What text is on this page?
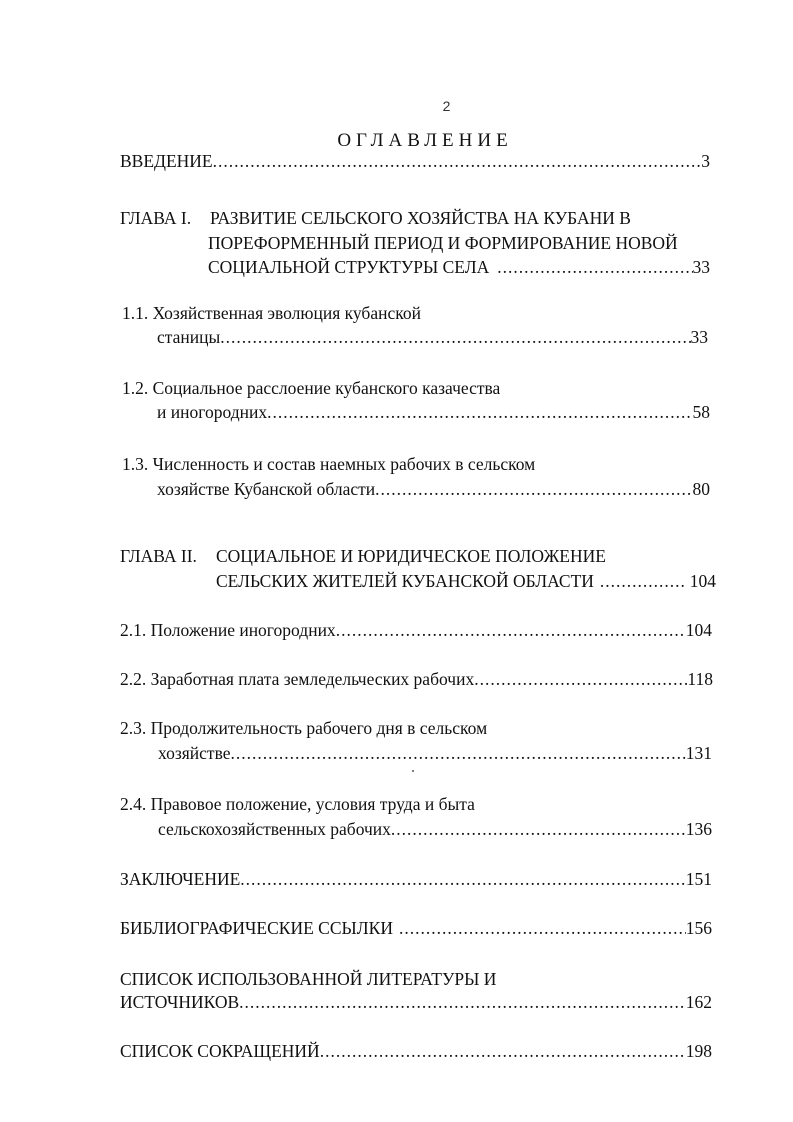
2
ОГЛАВЛЕНИЕ
ВВЕДЕНИЕ .....	3
ГЛАВА I. РАЗВИТИЕ СЕЛЬСКОГО ХОЗЯЙСТВА НА КУБАНИ В
ПОРЕФОРМЕННЫЙ ПЕРИОД И ФОРМИРОВАНИЕ НОВОЙ
СОЦИАЛЬНОЙ СТРУКТУРЫ СЕЛА .....	33
1.1. Хозяйственная эволюция кубанской
станицы .....	33
1.2. Социальное расслоение кубанского казачества
и иногородних .....	58
1.3. Численность и состав наемных рабочих в сельском
хозяйстве Кубанской области .....	80
ГЛАВА II. СОЦИАЛЬНОЕ И ЮРИДИЧЕСКОЕ ПОЛОЖЕНИЕ
СЕЛЬСКИХ ЖИТЕЛЕЙ КУБАНСКОЙ ОБЛАСТИ .....	104
2.1. Положение иногородних .....	104
2.2. Заработная плата земледельческих рабочих .....	118
2.3. Продолжительность рабочего дня в сельском
хозяйстве .....	131
2.4. Правовое положение, условия труда и быта
сельскохозяйственных рабочих .....	136
ЗАКЛЮЧЕНИЕ .....	151
БИБЛИОГРАФИЧЕСКИЕ ССЫЛКИ .....	156
СПИСОК ИСПОЛЬЗОВАННОЙ ЛИТЕРАТУРЫ И
ИСТОЧНИКОВ .....	162
СПИСОК СОКРАЩЕНИЙ .....	198
